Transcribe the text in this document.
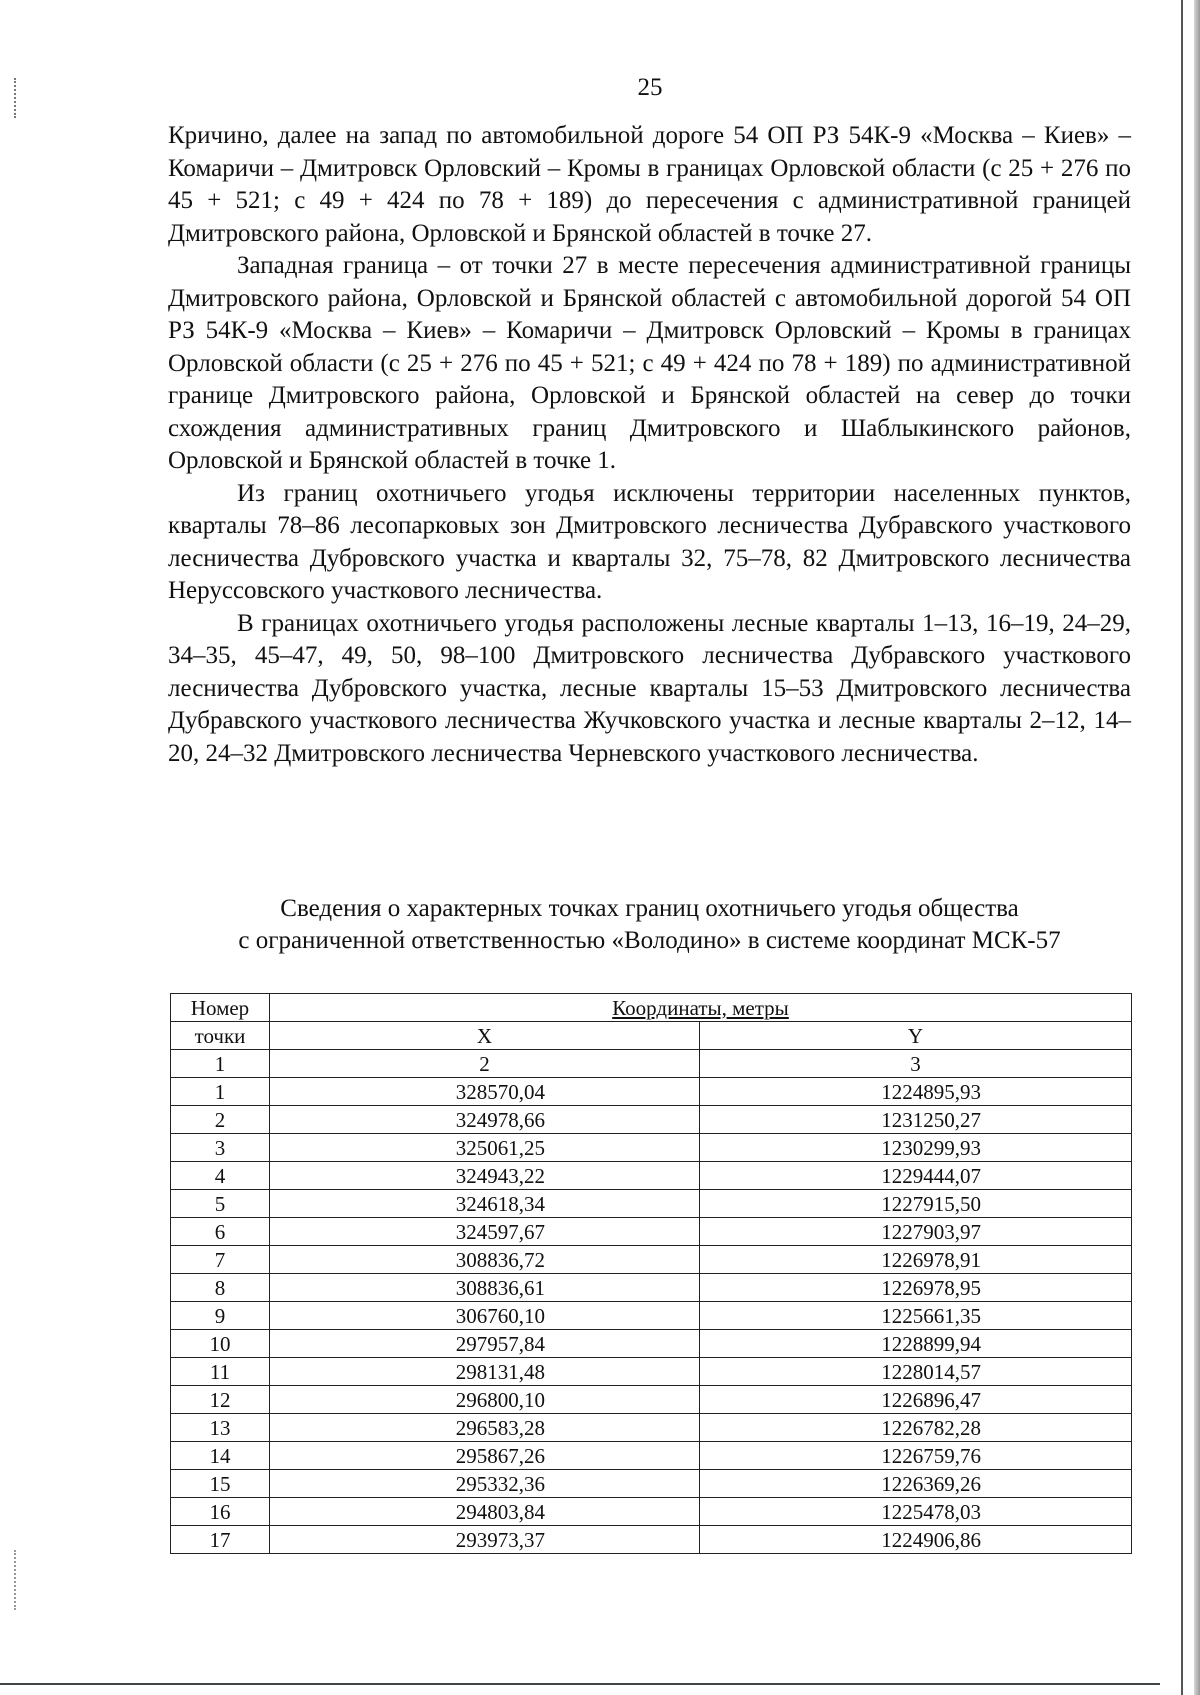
25

Кричино, далее на запад по автомобильной дороге 54 ОП РЗ 54К-9 «Москва – Киев» – Комаричи – Дмитровск Орловский – Кромы в границах Орловской области (с 25 + 276 по 45 + 521; с 49 + 424 по 78 + 189) до пересечения с административной границей Дмитровского района, Орловской и Брянской областей в точке 27.

Западная граница – от точки 27 в месте пересечения административной границы Дмитровского района, Орловской и Брянской областей с автомобильной дорогой 54 ОП РЗ 54К-9 «Москва – Киев» – Комаричи – Дмитровск Орловский – Кромы в границах Орловской области (с 25 + 276 по 45 + 521; с 49 + 424 по 78 + 189) по административной границе Дмитровского района, Орловской и Брянской областей на север до точки схождения административных границ Дмитровского и Шаблыкинского районов, Орловской и Брянской областей в точке 1.

Из границ охотничьего угодья исключены территории населенных пунктов, кварталы 78–86 лесопарковых зон Дмитровского лесничества Дубравского участкового лесничества Дубровского участка и кварталы 32, 75–78, 82 Дмитровского лесничества Неруссовского участкового лесничества.

В границах охотничьего угодья расположены лесные кварталы 1–13, 16–19, 24–29, 34–35, 45–47, 49, 50, 98–100 Дмитровского лесничества Дубравского участкового лесничества Дубровского участка, лесные кварталы 15–53 Дмитровского лесничества Дубравского участкового лесничества Жучковского участка и лесные кварталы 2–12, 14–20, 24–32 Дмитровского лесничества Черневского участкового лесничества.

Сведения о характерных точках границ охотничьего угодья общества
с ограниченной ответственностью «Володино» в системе координат МСК-57
Номер	Координаты, метры	
точки	X	Y
1	2	3
1	328570,04	1224895,93
2	324978,66	1231250,27
3	325061,25	1230299,93
4	324943,22	1229444,07
5	324618,34	1227915,50
6	324597,67	1227903,97
7	308836,72	1226978,91
8	308836,61	1226978,95
9	306760,10	1225661,35
10	297957,84	1228899,94
11	298131,48	1228014,57
12	296800,10	1226896,47
13	296583,28	1226782,28
14	295867,26	1226759,76
15	295332,36	1226369,26
16	294803,84	1225478,03
17	293973,37	1224906,86
